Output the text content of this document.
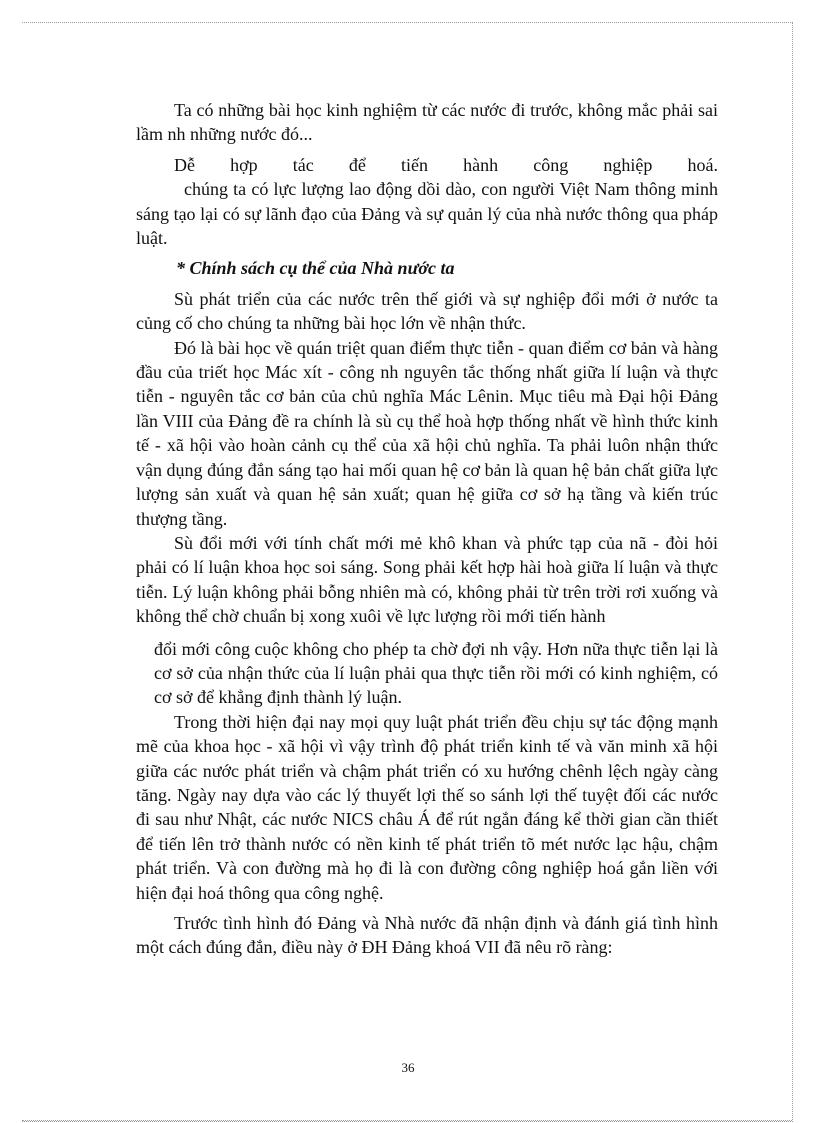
Ta có những bài học kinh nghiệm từ các nước đi trước, không mắc phải sai lầm nh những nước đó...

Dễ hợp tác để tiến hành công nghiệp hoá.

chúng ta có lực lượng lao động dồi dào, con người Việt Nam thông minh sáng tạo lại có sự lãnh đạo của Đảng và sự quản lý của nhà nước thông qua pháp luật.

* Chính sách cụ thể của Nhà nước ta

Sù phát triển của các nước trên thế giới và sự nghiệp đổi mới ở nước ta củng cố cho chúng ta những bài học lớn về nhận thức.

Đó là bài học về quán triệt quan điểm thực tiễn - quan điểm cơ bản và hàng đầu của triết học Mác xít - công nh nguyên tắc thống nhất giữa lí luận và thực tiễn - nguyên tắc cơ bản của chủ nghĩa Mác Lênin. Mục tiêu mà Đại hội Đảng lần VIII của Đảng đề ra chính là sù cụ thể hoà hợp thống nhất về hình thức kinh tế - xã hội vào hoàn cảnh cụ thể của xã hội chủ nghĩa. Ta phải luôn nhận thức vận dụng đúng đắn sáng tạo hai mối quan hệ cơ bản là quan hệ bản chất giữa lực lượng sản xuất và quan hệ sản xuất; quan hệ giữa cơ sở hạ tầng và kiến trúc thượng tầng.

Sù đổi mới với tính chất mới mẻ khô khan và phức tạp của nã - đòi hỏi phải có lí luận khoa học soi sáng. Song phải kết hợp hài hoà giữa lí luận và thực tiễn. Lý luận không phải bỗng nhiên mà có, không phải từ trên trời rơi xuống và không thể chờ chuẩn bị xong xuôi về lực lượng rồi mới tiến hành

đổi mới công cuộc không cho phép ta chờ đợi nh vậy. Hơn nữa thực tiễn lại là cơ sở của nhận thức của lí luận phải qua thực tiễn rồi mới có kinh nghiệm, có cơ sở để khẳng định thành lý luận.

Trong thời hiện đại nay mọi quy luật phát triển đều chịu sự tác động mạnh mẽ của khoa học - xã hội vì vậy trình độ phát triển kinh tế và văn minh xã hội giữa các nước phát triển và chậm phát triển có xu hướng chênh lệch ngày càng tăng. Ngày nay dựa vào các lý thuyết lợi thế so sánh lợi thế tuyệt đối các nước đi sau như Nhật, các nước NICS châu Á để rút ngắn đáng kể thời gian cần thiết để tiến lên trở thành nước có nền kinh tế phát triển tõ mét nước lạc hậu, chậm phát triển. Và con đường mà họ đi là con đường công nghiệp hoá gắn liền với hiện đại hoá thông qua công nghệ.

Trước tình hình đó Đảng và Nhà nước đã nhận định và đánh giá tình hình một cách đúng đắn, điều này ở ĐH Đảng khoá VII đã nêu rõ ràng:

36
